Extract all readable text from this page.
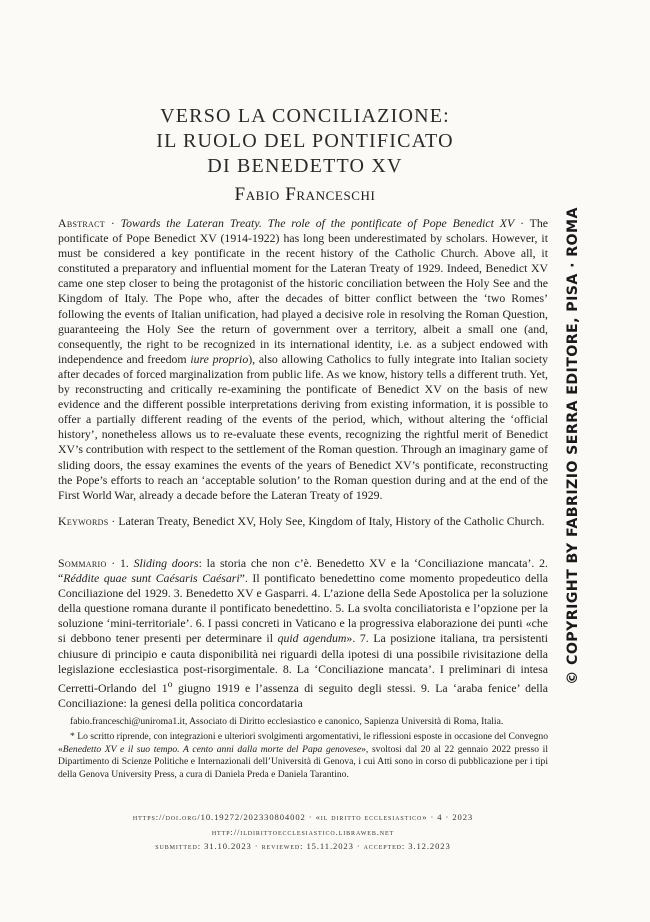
VERSO LA CONCILIAZIONE:
IL RUOLO DEL PONTIFICATO
DI BENEDETTO XV
Fabio Franceschi
Abstract · Towards the Lateran Treaty. The role of the pontificate of Pope Benedict XV · The pontificate of Pope Benedict XV (1914-1922) has long been underestimated by scholars. However, it must be considered a key pontificate in the recent history of the Catholic Church. Above all, it constituted a preparatory and influential moment for the Lateran Treaty of 1929. Indeed, Benedict XV came one step closer to being the protagonist of the historic conciliation between the Holy See and the Kingdom of Italy. The Pope who, after the decades of bitter conflict between the ‘two Romes’ following the events of Italian unification, had played a decisive role in resolving the Roman Question, guaranteeing the Holy See the return of government over a territory, albeit a small one (and, consequently, the right to be recognized in its international identity, i.e. as a subject endowed with independence and freedom iure proprio), also allowing Catholics to fully integrate into Italian society after decades of forced marginalization from public life. As we know, history tells a different truth. Yet, by reconstructing and critically re-examining the pontificate of Benedict XV on the basis of new evidence and the different possible interpretations deriving from existing information, it is possible to offer a partially different reading of the events of the period, which, without altering the ‘official history’, nonetheless allows us to re-evaluate these events, recognizing the rightful merit of Benedict XV’s contribution with respect to the settlement of the Roman question. Through an imaginary game of sliding doors, the essay examines the events of the years of Benedict XV’s pontificate, reconstructing the Pope’s efforts to reach an ‘acceptable solution’ to the Roman question during and at the end of the First World War, already a decade before the Lateran Treaty of 1929.
Keywords · Lateran Treaty, Benedict XV, Holy See, Kingdom of Italy, History of the Catholic Church.
Sommario · 1. Sliding doors: la storia che non c’è. Benedetto XV e la ‘Conciliazione mancata’. 2. “Réddite quae sunt Caésaris Caésari”. Il pontificato benedettino come momento propedeutico della Conciliazione del 1929. 3. Benedetto XV e Gasparri. 4. L’azione della Sede Apostolica per la soluzione della questione romana durante il pontificato benedettino. 5. La svolta conciliatorista e l’opzione per la soluzione ‘mini-territoriale’. 6. I passi concreti in Vaticano e la progressiva elaborazione dei punti «che si debbono tener presenti per determinare il quid agendum». 7. La posizione italiana, tra persistenti chiusure di principio e cauta disponibilità nei riguardi della ipotesi di una possibile rivisitazione della legislazione ecclesiastica post-risorgimentale. 8. La ‘Conciliazione mancata’. I preliminari di intesa Cerretti-Orlando del 1$^o$ giugno 1919 e l’assenza di seguito degli stessi. 9. La ‘araba fenice’ della Conciliazione: la genesi della politica concordataria
fabio.franceschi@uniroma1.it, Associato di Diritto ecclesiastico e canonico, Sapienza Università di Roma, Italia.
* Lo scritto riprende, con integrazioni e ulteriori svolgimenti argomentativi, le riflessioni esposte in occasione del Convegno «Benedetto XV e il suo tempo. A cento anni dalla morte del Papa genovese», svoltosi dal 20 al 22 gennaio 2022 presso il Dipartimento di Scienze Politiche e Internazionali dell’Università di Genova, i cui Atti sono in corso di pubblicazione per i tipi della Genova University Press, a cura di Daniela Preda e Daniela Tarantino.
https://doi.org/10.19272/202330804002 · «il diritto ecclesiastico» · 4 · 2023
http://ildirittoecclesiastico.libraweb.net
submitted: 31.10.2023 · reviewed: 15.11.2023 · accepted: 3.12.2023
© COPYRIGHT BY FABRIZIO SERRA EDITORE, PISA · ROMA
